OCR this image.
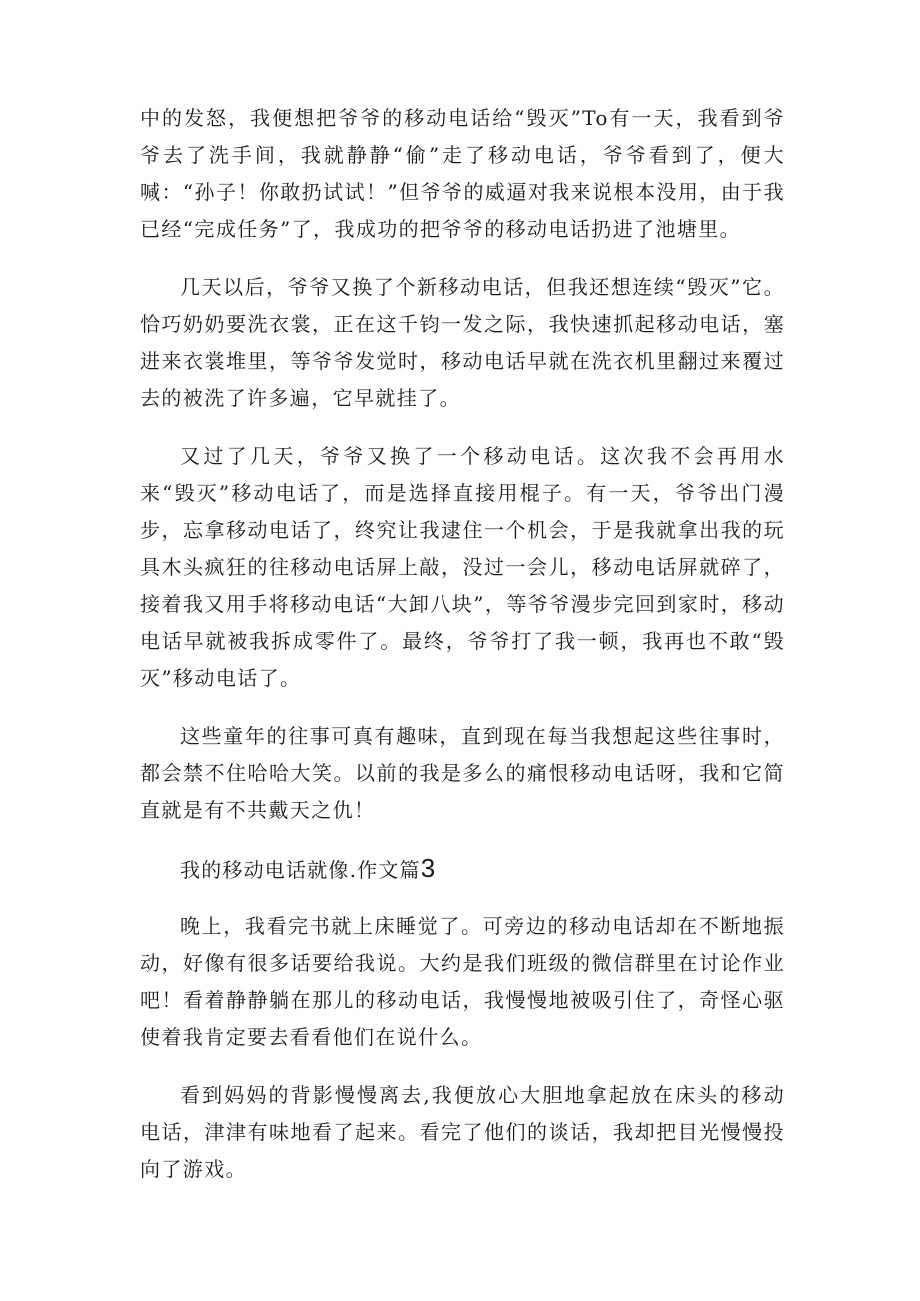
中的发怒，我便想把爷爷的移动电话给“毁灭”To有一天，我看到爷爷去了洗手间，我就静静“偷”走了移动电话，爷爷看到了，便大喊：“孙子！你敢扔试试！”但爷爷的威逼对我来说根本没用，由于我已经“完成任务”了，我成功的把爷爷的移动电话扔进了池塘里。

几天以后，爷爷又换了个新移动电话，但我还想连续“毁灭”它。恰巧奶奶要洗衣裳，正在这千钧一发之际，我快速抓起移动电话，塞进来衣裳堆里，等爷爷发觉时，移动电话早就在洗衣机里翻过来覆过去的被洗了许多遍，它早就挂了。

又过了几天，爷爷又换了一个移动电话。这次我不会再用水来“毁灭”移动电话了，而是选择直接用棍子。有一天，爷爷出门漫步，忘拿移动电话了，终究让我逮住一个机会，于是我就拿出我的玩具木头疯狂的往移动电话屏上敲，没过一会儿，移动电话屏就碎了，接着我又用手将移动电话“大卸八块”，等爷爷漫步完回到家时，移动电话早就被我拆成零件了。最终，爷爷打了我一顿，我再也不敢“毁灭”移动电话了。

这些童年的往事可真有趣味，直到现在每当我想起这些往事时，都会禁不住哈哈大笑。以前的我是多么的痛恨移动电话呀，我和它简直就是有不共戴天之仇！

我的移动电话就像.作文篇3

晚上，我看完书就上床睡觉了。可旁边的移动电话却在不断地振动，好像有很多话要给我说。大约是我们班级的微信群里在讨论作业吧！看着静静躺在那儿的移动电话，我慢慢地被吸引住了，奇怪心驱使着我肯定要去看看他们在说什么。

看到妈妈的背影慢慢离去,我便放心大胆地拿起放在床头的移动电话，津津有味地看了起来。看完了他们的谈话，我却把目光慢慢投向了游戏。
